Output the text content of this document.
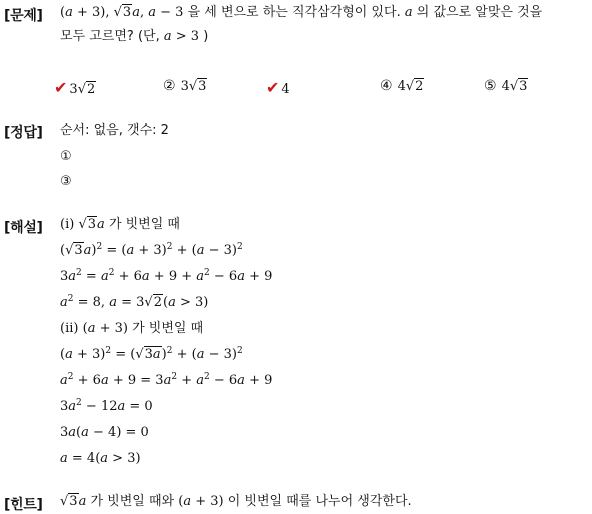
[문제] (a + 3), √3a, a − 3 을 세 변으로 하는 직각삼각형이 있다. a 의 값으로 알맞은 것을
모두 고르면? (단, a > 3 )
✔ 3√2	② 3√3	✔ 4	④ 4√2	⑤ 4√3
[정답] 순서: 없음, 갯수: 2
①
③
[해설] (i) √3a 가 빗변일 때
$(√3a)^2 = (a + 3)^2 + (a - 3)^2$
$3a^2 = a^2 + 6a + 9 + a^2 - 6a + 9$
$a^2 = 8$, a = 3√2(a > 3)
(ii) (a + 3) 가 빗변일 때
$(a + 3)^2 = (√3a)^2 + (a - 3)^2$
$a^2 + 6a + 9 = 3a^2 + a^2 - 6a + 9$
$3a^2 - 12a = 0$
3a(a − 4) = 0
a = 4(a > 3)
[힌트] √3a 가 빗변일 때와 (a + 3) 이 빗변일 때를 나누어 생각한다.
